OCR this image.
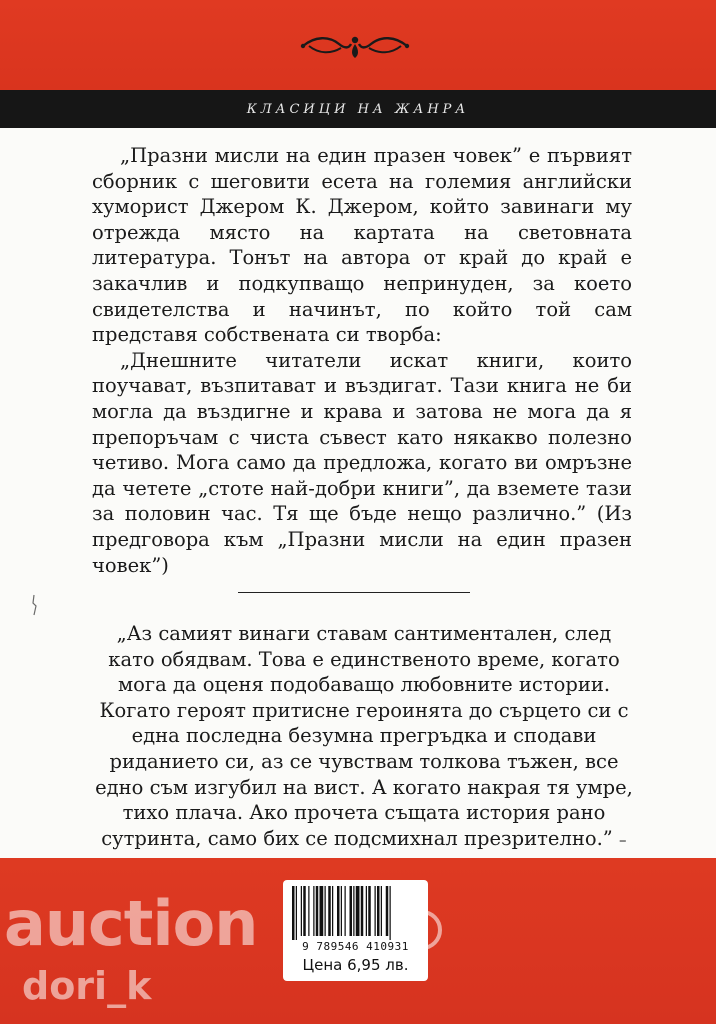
КЛАСИЦИ НА ЖАНРА

„Празни мисли на един празен човек” е първият сборник с шеговити есета на големия английски хуморист Джером К. Джером, който завинаги му отрежда място на картата на световната литература. Тонът на автора от край до край е закачлив и подкупващо непринуден, за което свидетелства и начинът, по който той сам представя собствената си творба:

„Днешните читатели искат книги, които поучават, възпитават и въздигат. Тази книга не би могла да въздигне и крава и затова не мога да я препоръчам с чиста съвест като някакво полезно четиво. Мога само да предложа, когато ви омръзне да четете „стоте най-добри книги”, да вземете тази за половин час. Тя ще бъде нещо различно.” (Из предговора към „Празни мисли на един празен човек”)

„Аз самият винаги ставам сантиментален, след като обядвам. Това е единственото време, когато мога да оценя подобаващо любовните истории. Когато героят притисне героинята до сърцето си с една последна безумна прегръдка и сподави риданието си, аз се чувствам толкова тъжен, все едно съм изгубил на вист. А когато накрая тя умре, тихо плача. Ако прочета същата история рано сутринта, само бих се подсмихнал презрително.” –
9 789546 410931
Цена 6,95 лв.
auction
dori_k
